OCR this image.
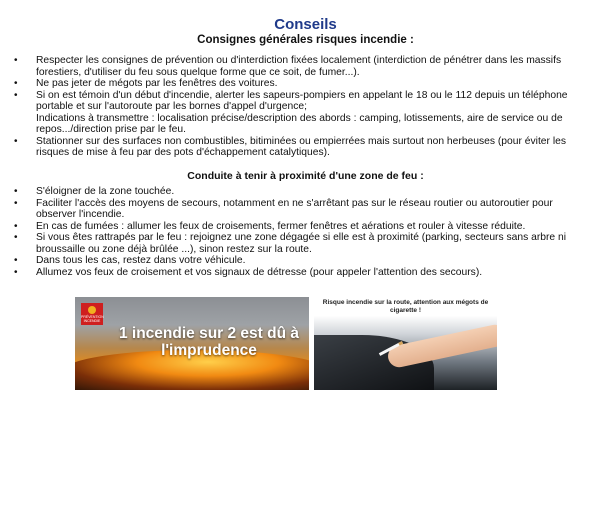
Conseils
Consignes générales risques incendie :
• Respecter les consignes de prévention ou d'interdiction fixées localement (interdiction de pénétrer dans les massifs forestiers, d'utiliser du feu sous quelque forme que ce soit, de fumer...).
• Ne pas jeter de mégots par les fenêtres des voitures.
• Si on est témoin d'un début d'incendie, alerter les sapeurs-pompiers en appelant le 18 ou le 112 depuis un téléphone portable et sur l'autoroute par les bornes d'appel d'urgence;
Indications à transmettre : localisation précise/description des abords : camping, lotissements, aire de service ou de repos.../direction prise par le feu.
• Stationner sur des surfaces non combustibles, bitiminées ou empierrées mais surtout non herbeuses (pour éviter les risques de mise à feu par des pots d'échappement catalytiques).
Conduite à tenir à proximité d'une zone de feu :
• S'éloigner de la zone touchée.
• Faciliter l'accès des moyens de secours, notamment en ne s'arrêtant pas sur le réseau routier ou autoroutier pour observer l'incendie.
• En cas de fumées : allumer les feux de croisements, fermer fenêtres et aérations et rouler à vitesse réduite.
• Si vous êtes rattrapés par le feu : rejoignez une zone dégagée si elle est à proximité (parking, secteurs sans arbre ni broussaille ou zone déjà brûlée ...), sinon restez sur la route.
• Dans tous les cas, restez dans votre véhicule.
• Allumez vos feux de croisement et vos signaux de détresse (pour appeler l'attention des secours).
PRÉVENTION INCENDIE
1 incendie sur 2 est dû à l'imprudence
Risque incendie sur la route, attention aux mégots de cigarette !
